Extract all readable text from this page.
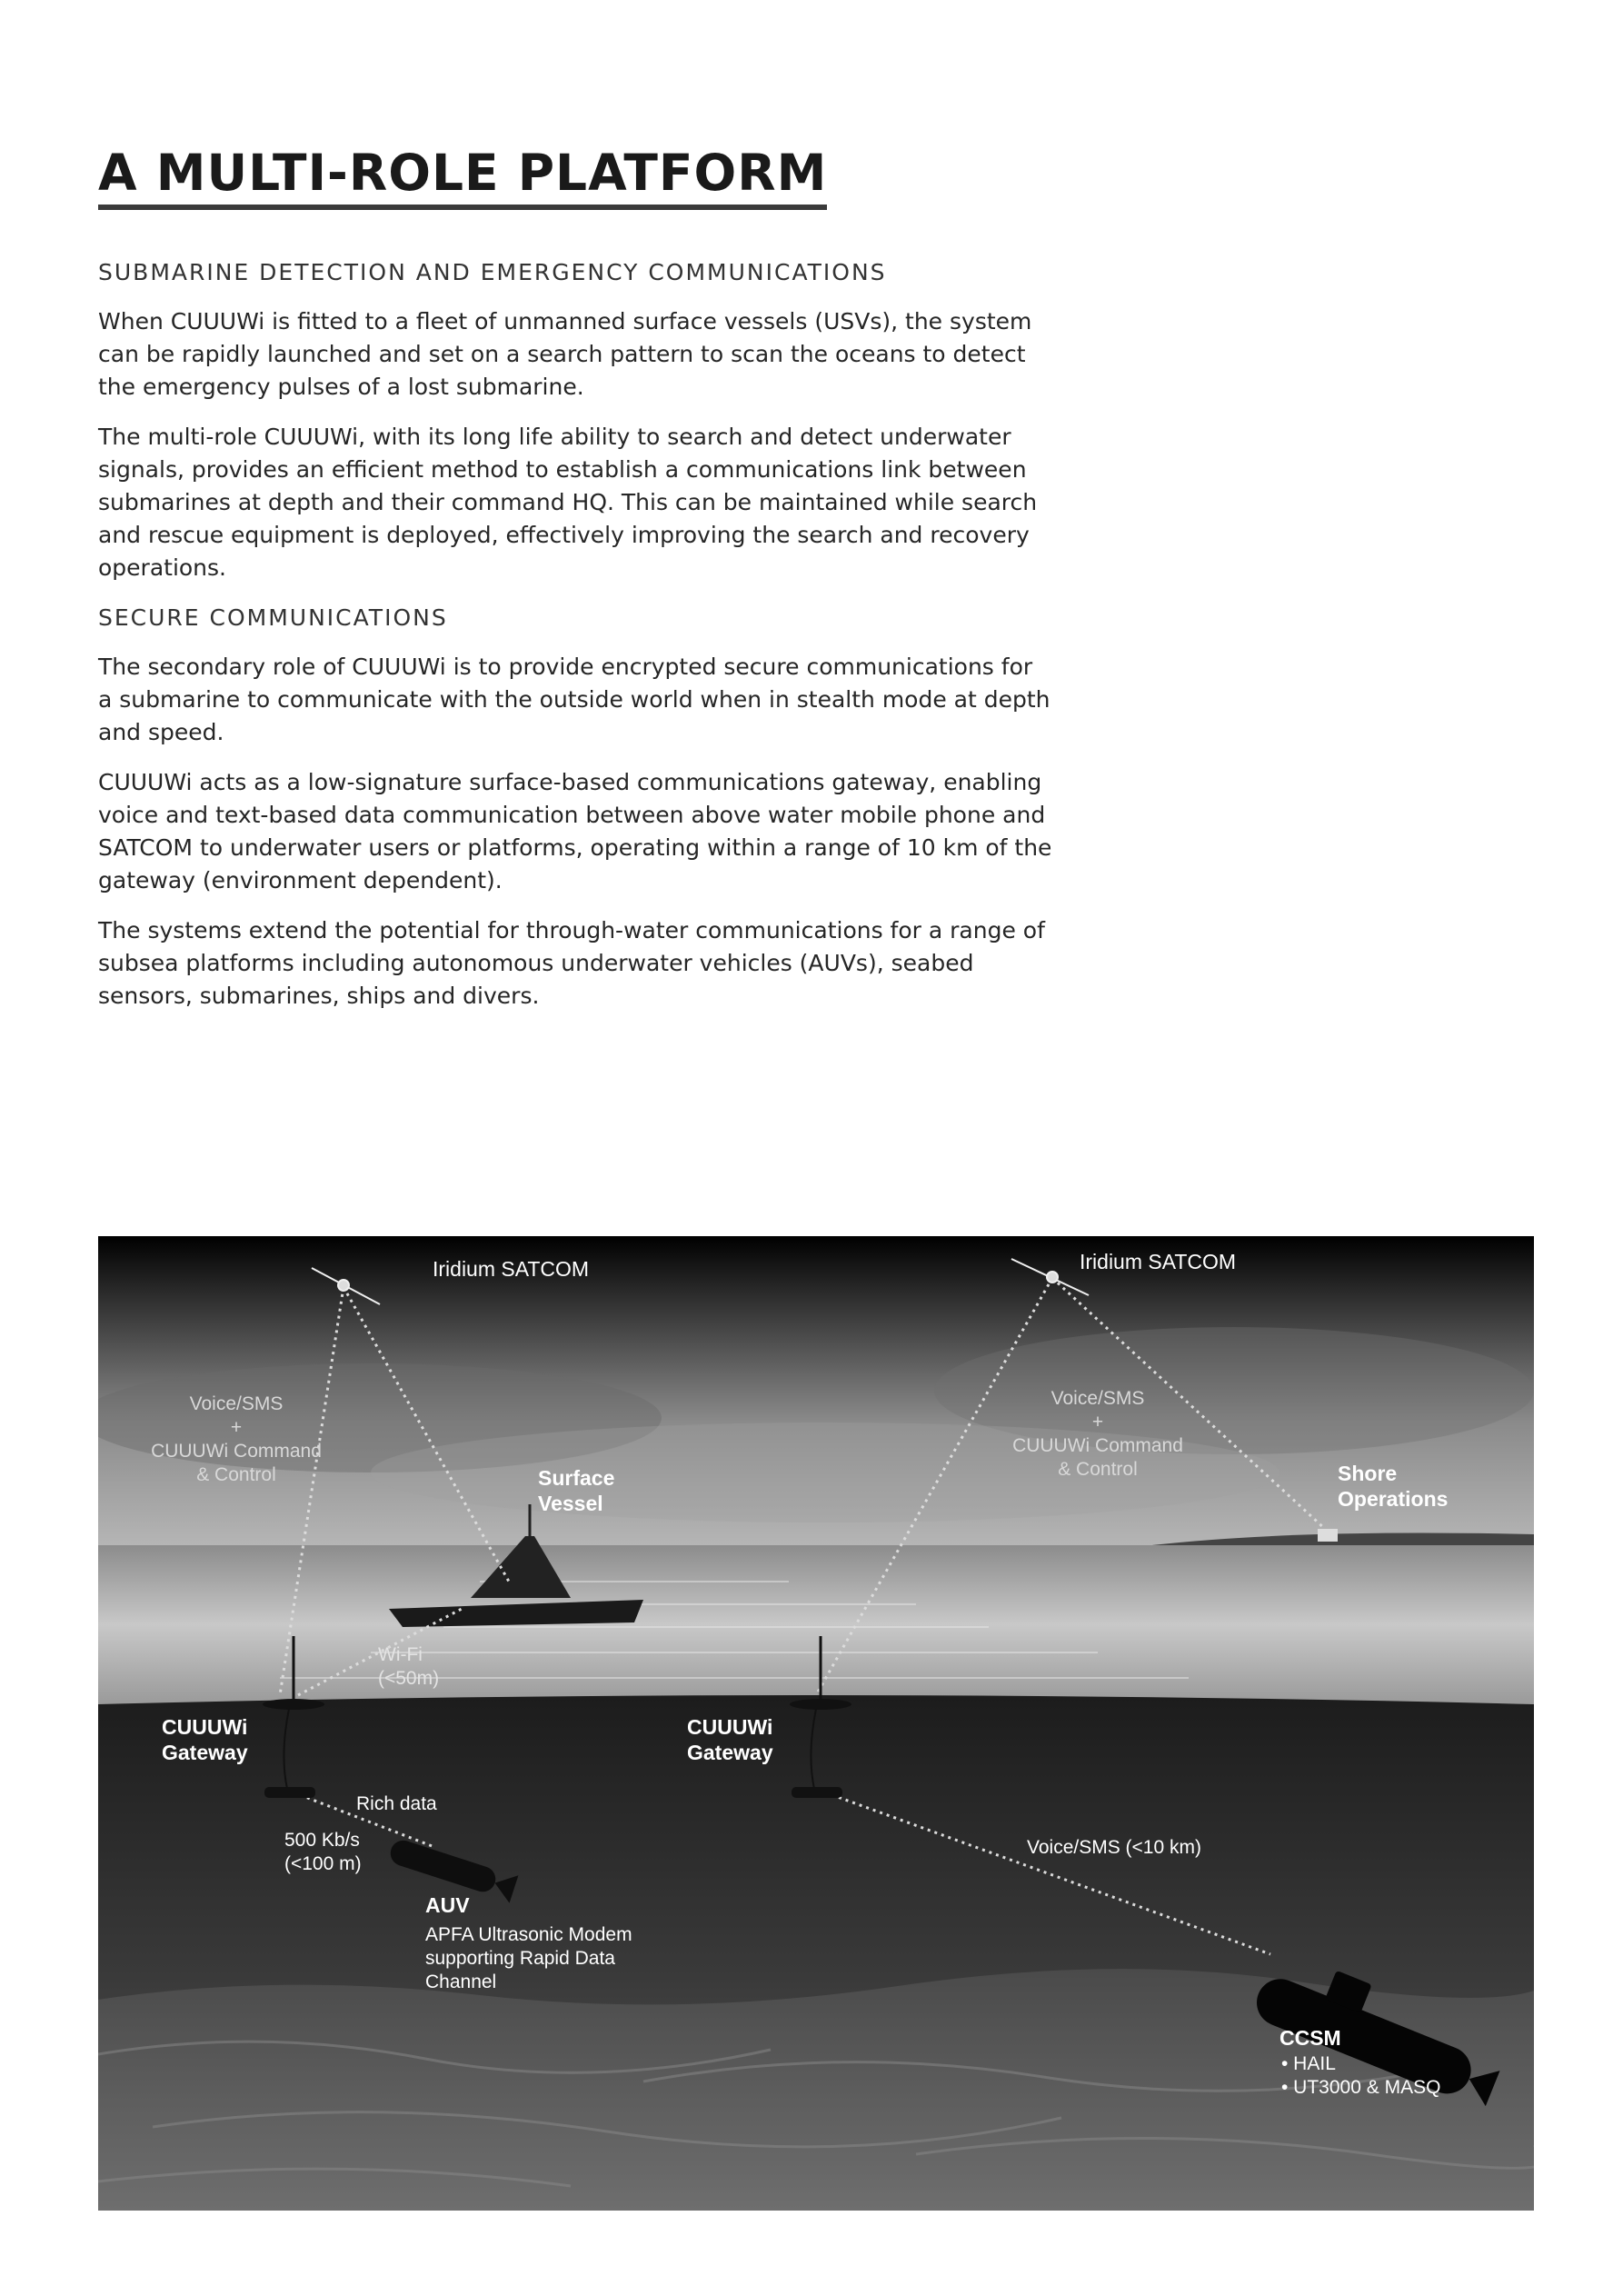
A MULTI-ROLE PLATFORM
SUBMARINE DETECTION AND EMERGENCY COMMUNICATIONS

When CUUUWi is fitted to a fleet of unmanned surface vessels (USVs), the system can be rapidly launched and set on a search pattern to scan the oceans to detect the emergency pulses of a lost submarine.

The multi-role CUUUWi, with its long life ability to search and detect underwater signals, provides an efficient method to establish a communications link between submarines at depth and their command HQ. This can be maintained while search and rescue equipment is deployed, effectively improving the search and recovery operations.

SECURE COMMUNICATIONS

The secondary role of CUUUWi is to provide encrypted secure communications for a submarine to communicate with the outside world when in stealth mode at depth and speed.

CUUUWi acts as a low-signature surface-based communications gateway, enabling voice and text-based data communication between above water mobile phone and SATCOM to underwater users or platforms, operating within a range of 10 km of the gateway (environment dependent).

The systems extend the potential for through-water communications for a range of subsea platforms including autonomous underwater vehicles (AUVs), seabed sensors, submarines, ships and divers.

Iridium SATCOM	Iridium SATCOM
Voice/SMS
+
CUUUWi Command
& Control
Voice/SMS
+
CUUUWi Command
& Control
Surface
Vessel
Shore
Operations
Wi-Fi
(<50m)
CUUUWi
Gateway
CUUUWi
Gateway
Rich data
500 Kb/s
(<100 m)
AUV
APFA Ultrasonic Modem
supporting Rapid Data
Channel
Voice/SMS (<10 km)
CCSM
• HAIL
• UT3000 & MASQ
